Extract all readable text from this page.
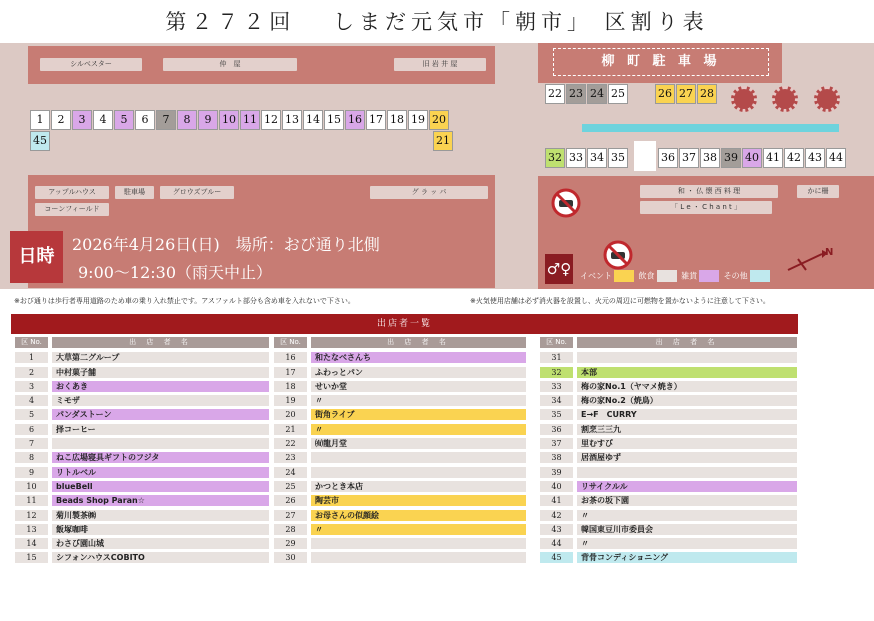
第２７２回　 しまだ元気市「朝市」 区割り表
シルベスター	仲　屋	旧 岩 井 屋
1	2	3	4	5	6	7	8	9 10 11 12 13 14 15 16 17 18 19 20
45	21
アップルハウス	駐車場	グロウズブルー
コーンフィールド
グ ラ ッ パ
日時
2026年4月26日(日)　場所：おび通り北側
9:00～12:30（雨天中止）
柳 町 駐 車 場
22 23 24 25	26 27 28
32 33 34 35	36 37 38 39 40 41 42 43 44
和 ・ 仏 懐 西 料 理
「 L e ・ C h a n t 」
かに柵
♂♀ イベント	飲食	雑貨	その他
N
※おび通りは歩行者専用道路のため車の乗り入れ禁止です。アスファルト部分も含め車を入れないで下さい。	※火気使用店舗は必ず消火器を設置し、火元の周辺に可燃物を置かないように注意して下さい。
出店者一覧
区 No.	出 店 者 名
1	大草第二グループ
2	中村菓子舗
3	おくあき
4	ミモザ
5	パンダストーン
6	择コーヒー
7
8	ねこ広場寝具ギフトのフジタ
9	リトルベル
10	blueBell
11	Beads Shop Paran☆
12	菊川製茶㈱
13	飯塚咖啡
14	わさび園山城
15	シフォンハウスCOBITO
区 No.	出 店 者 名
16	和たなべさんち
17	ふわっとパン
18	せいか堂
19	〃
20	街角ライブ
21	〃
22	㈲龍月堂
23
24
25	かつとき本店
26	陶芸市
27	お母さんの似顔絵
28	〃
29
30
区 No.	出 店 者 名
31
32	本部
33	梅の家No.1（ヤマメ焼き）
34	梅の家No.2（焼鳥）
35	E→F　CURRY
36	割烹三三九
37	里むすび
38	居酒屋ゆず
39
40	リサイクルル
41	お茶の坂下園
42	〃
43	韓国東豆川市委員会
44	〃
45	背骨コンディショニング
